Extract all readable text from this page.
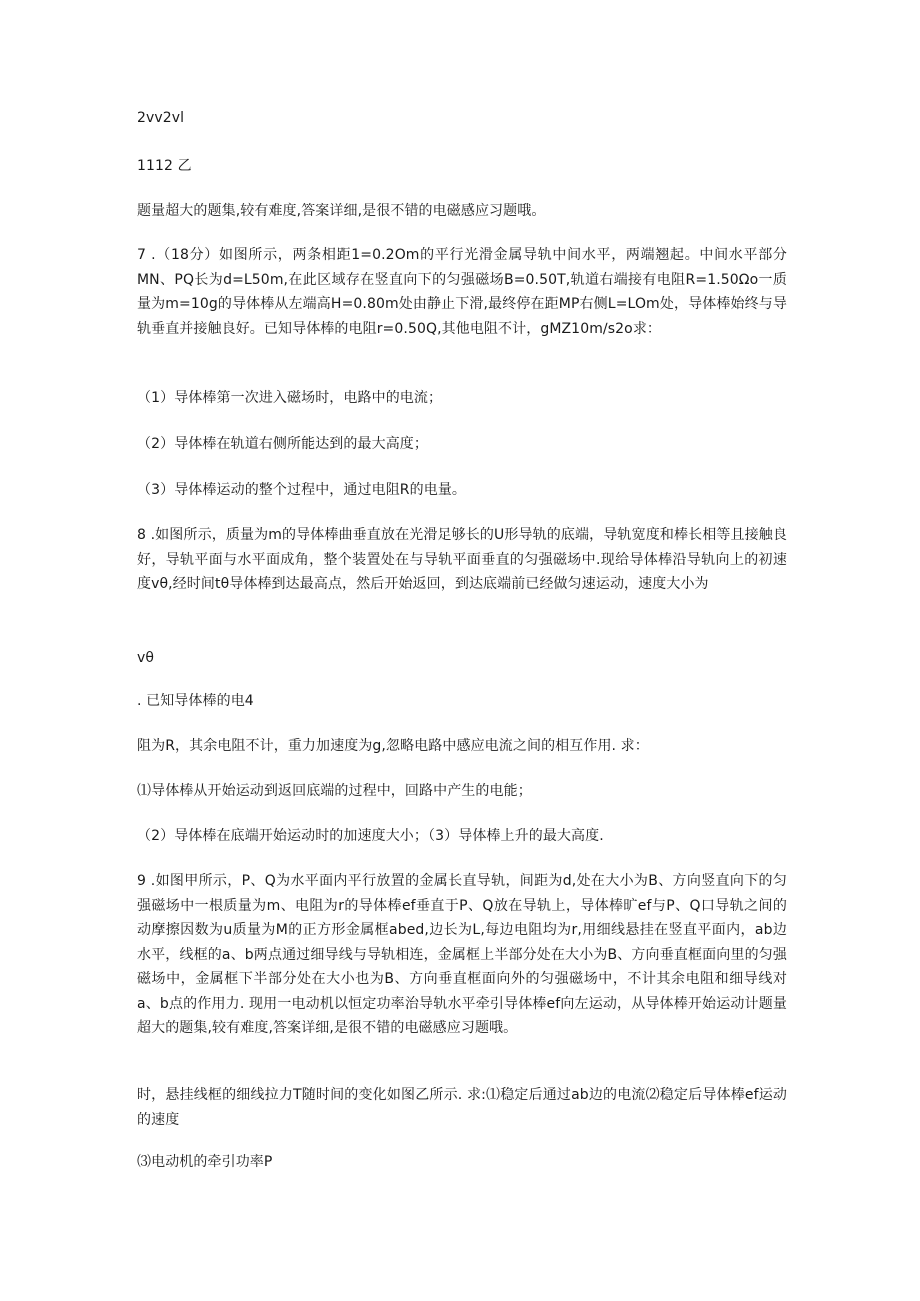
2vv2vl

1112 乙

题量超大的题集,较有难度,答案详细,是很不错的电磁感应习题哦。

7 .（18分）如图所示，两条相距1=0.2Om的平行光滑金属导轨中间水平，两端翘起。中间水平部分MN、PQ长为d=L50m,在此区域存在竖直向下的匀强磁场B=0.50T,轨道右端接有电阻R=1.50Ωo一质量为m=10g的导体棒从左端高H=0.80m处由静止下滑,最终停在距MP右侧L=LOm处，导体棒始终与导轨垂直并接触良好。已知导体棒的电阻r=0.50Q,其他电阻不计，gMZ10m∕s2o求：

（1）导体棒第一次进入磁场时，电路中的电流；

（2）导体棒在轨道右侧所能达到的最大高度；

（3）导体棒运动的整个过程中，通过电阻R的电量。

8 .如图所示，质量为m的导体棒曲垂直放在光滑足够长的U形导轨的底端，导轨宽度和棒长相等且接触良好，导轨平面与水平面成角，整个装置处在与导轨平面垂直的匀强磁场中.现给导体棒沿导轨向上的初速度vθ,经时间tθ导体棒到达最高点，然后开始返回，到达底端前已经做匀速运动，速度大小为

vθ

. 已知导体棒的电4

阻为R，其余电阻不计，重力加速度为g,忽略电路中感应电流之间的相互作用. 求：

⑴导体棒从开始运动到返回底端的过程中，回路中产生的电能；

（2）导体棒在底端开始运动时的加速度大小；（3）导体棒上升的最大高度.

9 .如图甲所示，P、Q为水平面内平行放置的金属长直导轨，间距为d,处在大小为B、方向竖直向下的匀强磁场中一根质量为m、电阻为r的导体棒ef垂直于P、Q放在导轨上，导体棒旷ef与P、Q口导轨之间的动摩擦因数为u质量为M的正方形金属框abed,边长为L,每边电阻均为r,用细线悬挂在竖直平面内，ab边水平，线框的a、b两点通过细导线与导轨相连，金属框上半部分处在大小为B、方向垂直框面向里的匀强磁场中，金属框下半部分处在大小也为B、方向垂直框面向外的匀强磁场中，不计其余电阻和细导线对a、b点的作用力. 现用一电动机以恒定功率治导轨水平牵引导体棒ef向左运动，从导体棒开始运动计题量超大的题集,较有难度,答案详细,是很不错的电磁感应习题哦。

时，悬挂线框的细线拉力T随时间的变化如图乙所示. 求:⑴稳定后通过ab边的电流⑵稳定后导体棒ef运动的速度

⑶电动机的牵引功率P
